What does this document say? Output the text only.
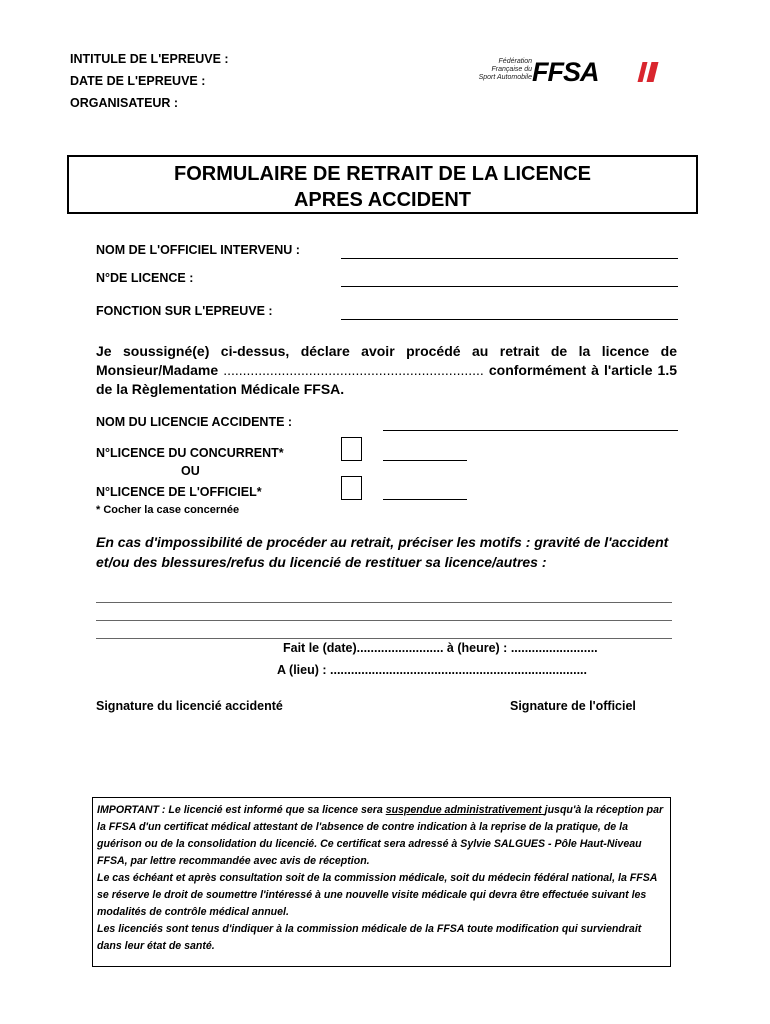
INTITULE DE L'EPREUVE :
DATE DE L'EPREUVE :
ORGANISATEUR :
Fédération
Française du
Sport Automobile FFSA
FORMULAIRE DE RETRAIT DE LA LICENCE
APRES ACCIDENT
NOM DE L'OFFICIEL INTERVENU :
N°DE LICENCE :
FONCTION SUR L'EPREUVE :
Je soussigné(e) ci-dessus, déclare avoir procédé au retrait de la licence de Monsieur/Madame ................................................................... conformément à l'article 1.5 de la Règlementation Médicale FFSA.
NOM DU LICENCIE ACCIDENTE :
N°LICENCE DU CONCURRENT*
OU
N°LICENCE DE L'OFFICIEL*
* Cocher la case concernée
En cas d'impossibilité de procéder au retrait, préciser les motifs : gravité de l'accident et/ou des blessures/refus du licencié de restituer sa licence/autres :
Fait le (date)......................... à (heure) : .........................
A (lieu) : ..........................................................................
Signature du licencié accidenté	Signature de l'officiel

IMPORTANT : Le licencié est informé que sa licence sera suspendue administrativement jusqu'à la réception par la FFSA d'un certificat médical attestant de l'absence de contre indication à la reprise de la pratique, de la guérison ou de la consolidation du licencié. Ce certificat sera adressé à Sylvie SALGUES - Pôle Haut-Niveau FFSA, par lettre recommandée avec avis de réception.

Le cas échéant et après consultation soit de la commission médicale, soit du médecin fédéral national, la FFSA se réserve le droit de soumettre l'intéressé à une nouvelle visite médicale qui devra être effectuée suivant les modalités de contrôle médical annuel.

Les licenciés sont tenus d'indiquer à la commission médicale de la FFSA toute modification qui surviendrait dans leur état de santé.
